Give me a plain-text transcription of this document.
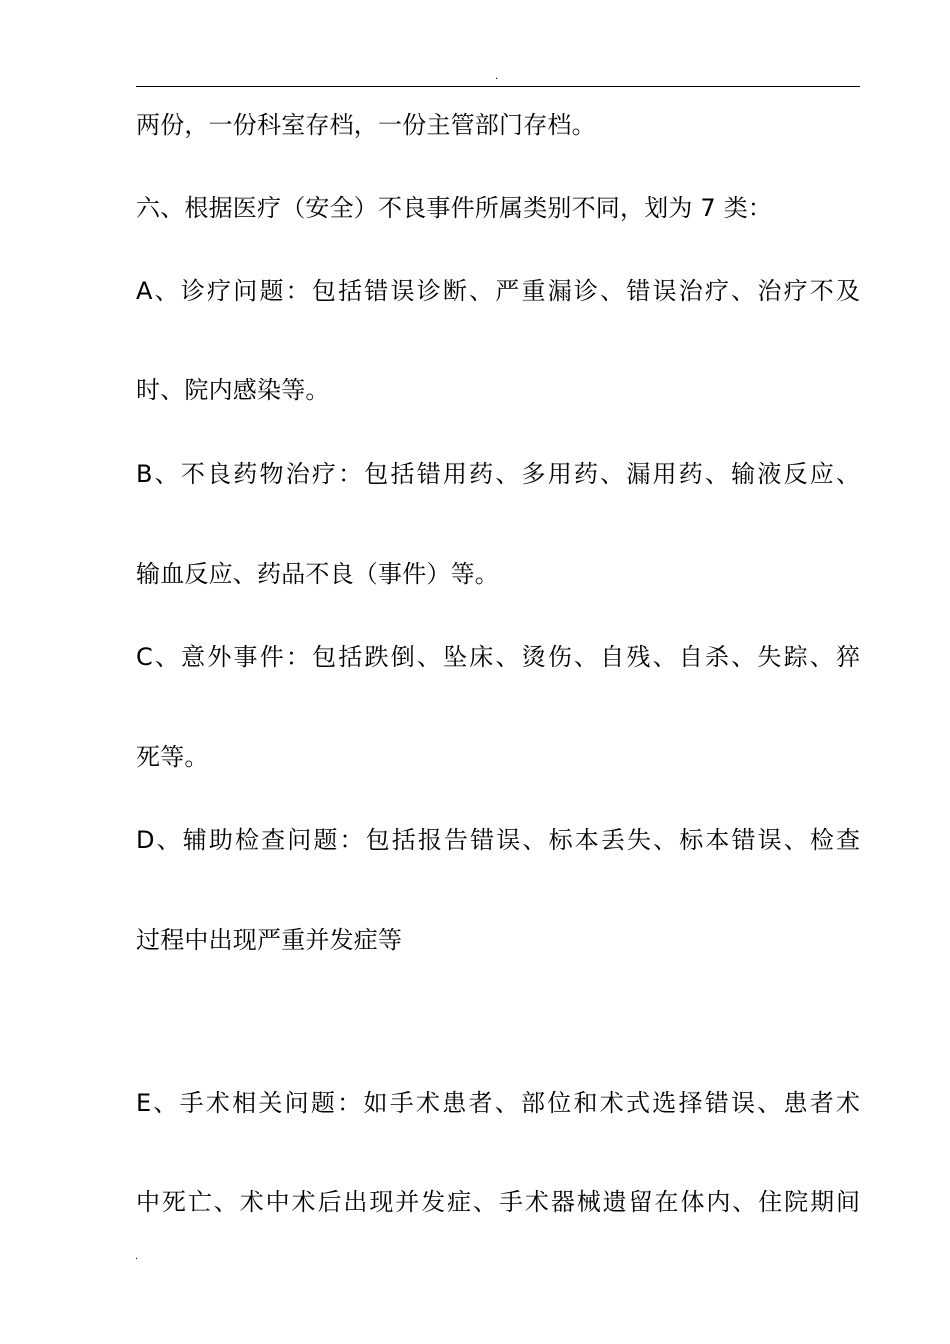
.
两份，一份科室存档，一份主管部门存档。
六、根据医疗（安全）不良事件所属类别不同，划为 7 类：
A、诊疗问题：包括错误诊断、严重漏诊、错误治疗、治疗不及
时、院内感染等。
B、不良药物治疗：包括错用药、多用药、漏用药、输液反应、
输血反应、药品不良（事件）等。
C、意外事件：包括跌倒、坠床、烫伤、自残、自杀、失踪、猝
死等。
D、辅助检查问题：包括报告错误、标本丢失、标本错误、检查
过程中出现严重并发症等
E、手术相关问题：如手术患者、部位和术式选择错误、患者术
中死亡、术中术后出现并发症、手术器械遗留在体内、住院期间
.
